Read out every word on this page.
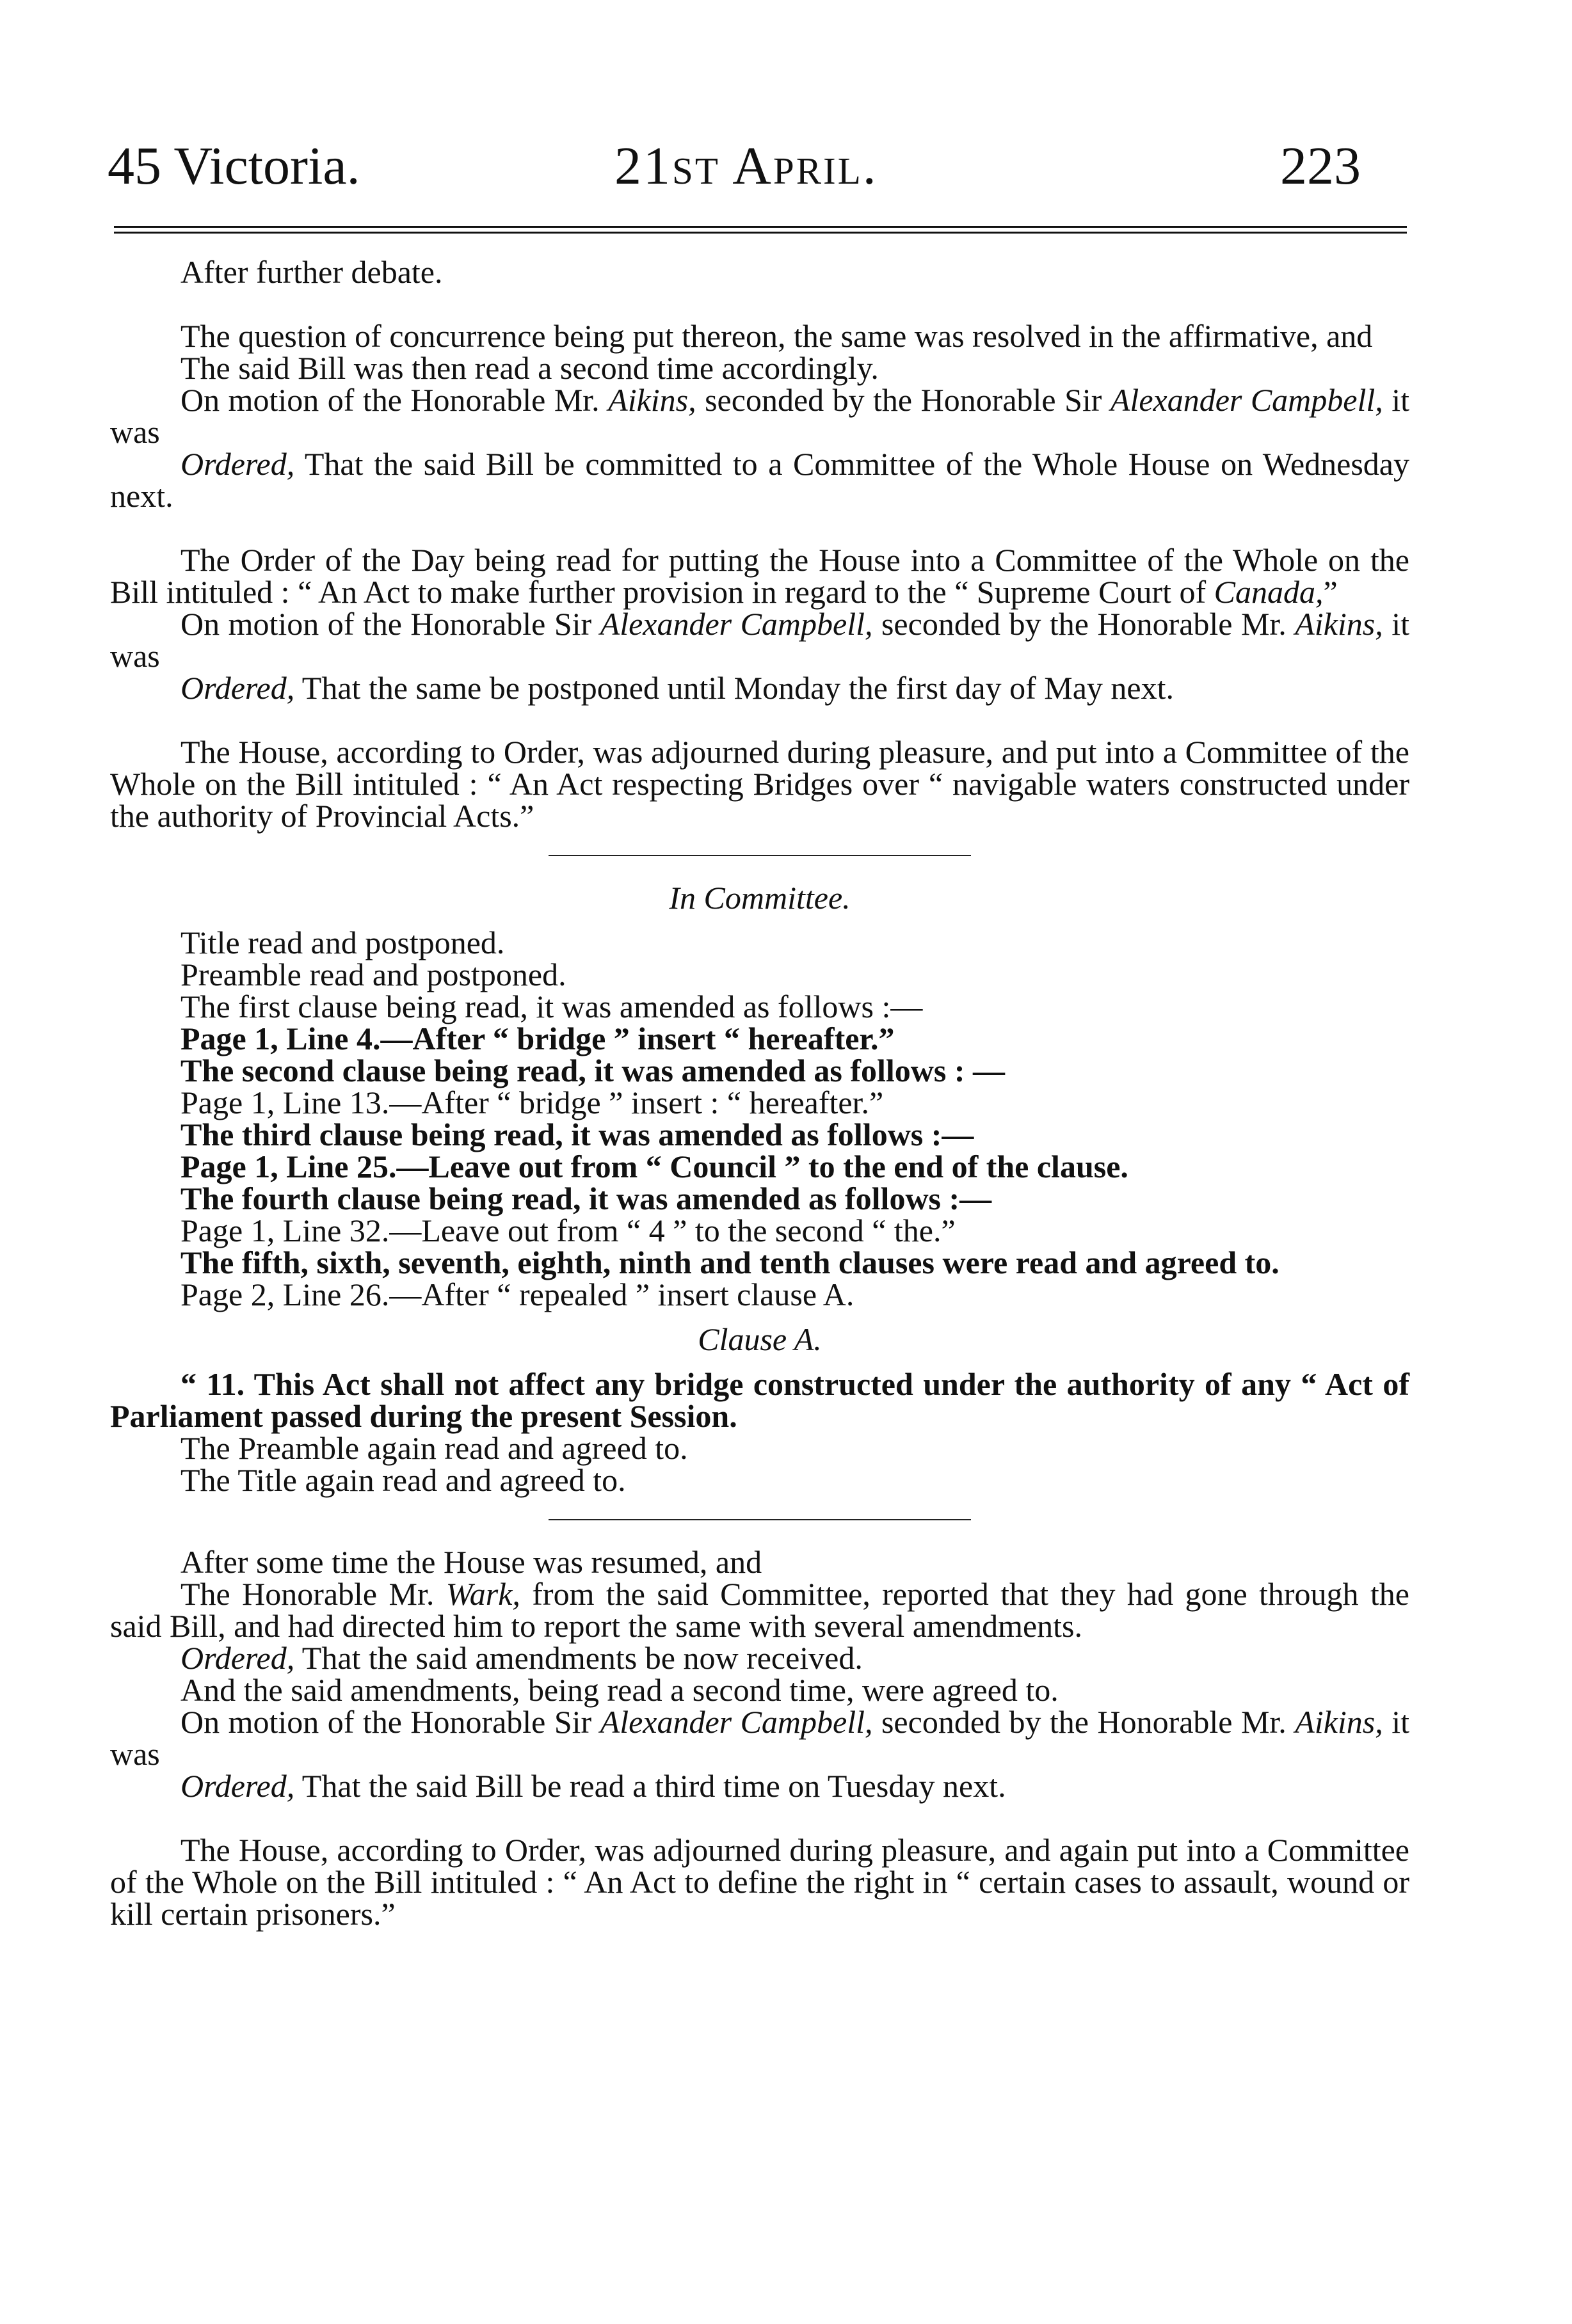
45 Victoria.	21st April.	223

After further debate.

The question of concurrence being put thereon, the same was resolved in the affirmative, and

The said Bill was then read a second time accordingly.

On motion of the Honorable Mr. Aikins, seconded by the Honorable Sir Alexander Campbell, it was

Ordered, That the said Bill be committed to a Committee of the Whole House on Wednesday next.

The Order of the Day being read for putting the House into a Committee of the Whole on the Bill intituled : “ An Act to make further provision in regard to the “ Supreme Court of Canada,”

On motion of the Honorable Sir Alexander Campbell, seconded by the Honorable Mr. Aikins, it was

Ordered, That the same be postponed until Monday the first day of May next.

The House, according to Order, was adjourned during pleasure, and put into a Committee of the Whole on the Bill intituled : “ An Act respecting Bridges over “ navigable waters constructed under the authority of Provincial Acts.”

In Committee.

Title read and postponed.

Preamble read and postponed.

The first clause being read, it was amended as follows :—

Page 1, Line 4.—After “ bridge ” insert “ hereafter.”

The second clause being read, it was amended as follows : —

Page 1, Line 13.—After “ bridge ” insert : “ hereafter.”

The third clause being read, it was amended as follows :—

Page 1, Line 25.—Leave out from “ Council ” to the end of the clause.

The fourth clause being read, it was amended as follows :—

Page 1, Line 32.—Leave out from “ 4 ” to the second “ the.”

The fifth, sixth, seventh, eighth, ninth and tenth clauses were read and agreed to.

Page 2, Line 26.—After “ repealed ” insert clause A.

Clause A.

“ 11. This Act shall not affect any bridge constructed under the authority of any “ Act of Parliament passed during the present Session.

The Preamble again read and agreed to.

The Title again read and agreed to.

After some time the House was resumed, and

The Honorable Mr. Wark, from the said Committee, reported that they had gone through the said Bill, and had directed him to report the same with several amendments.

Ordered, That the said amendments be now received.

And the said amendments, being read a second time, were agreed to.

On motion of the Honorable Sir Alexander Campbell, seconded by the Honorable Mr. Aikins, it was

Ordered, That the said Bill be read a third time on Tuesday next.

The House, according to Order, was adjourned during pleasure, and again put into a Committee of the Whole on the Bill intituled : “ An Act to define the right in “ certain cases to assault, wound or kill certain prisoners.”
